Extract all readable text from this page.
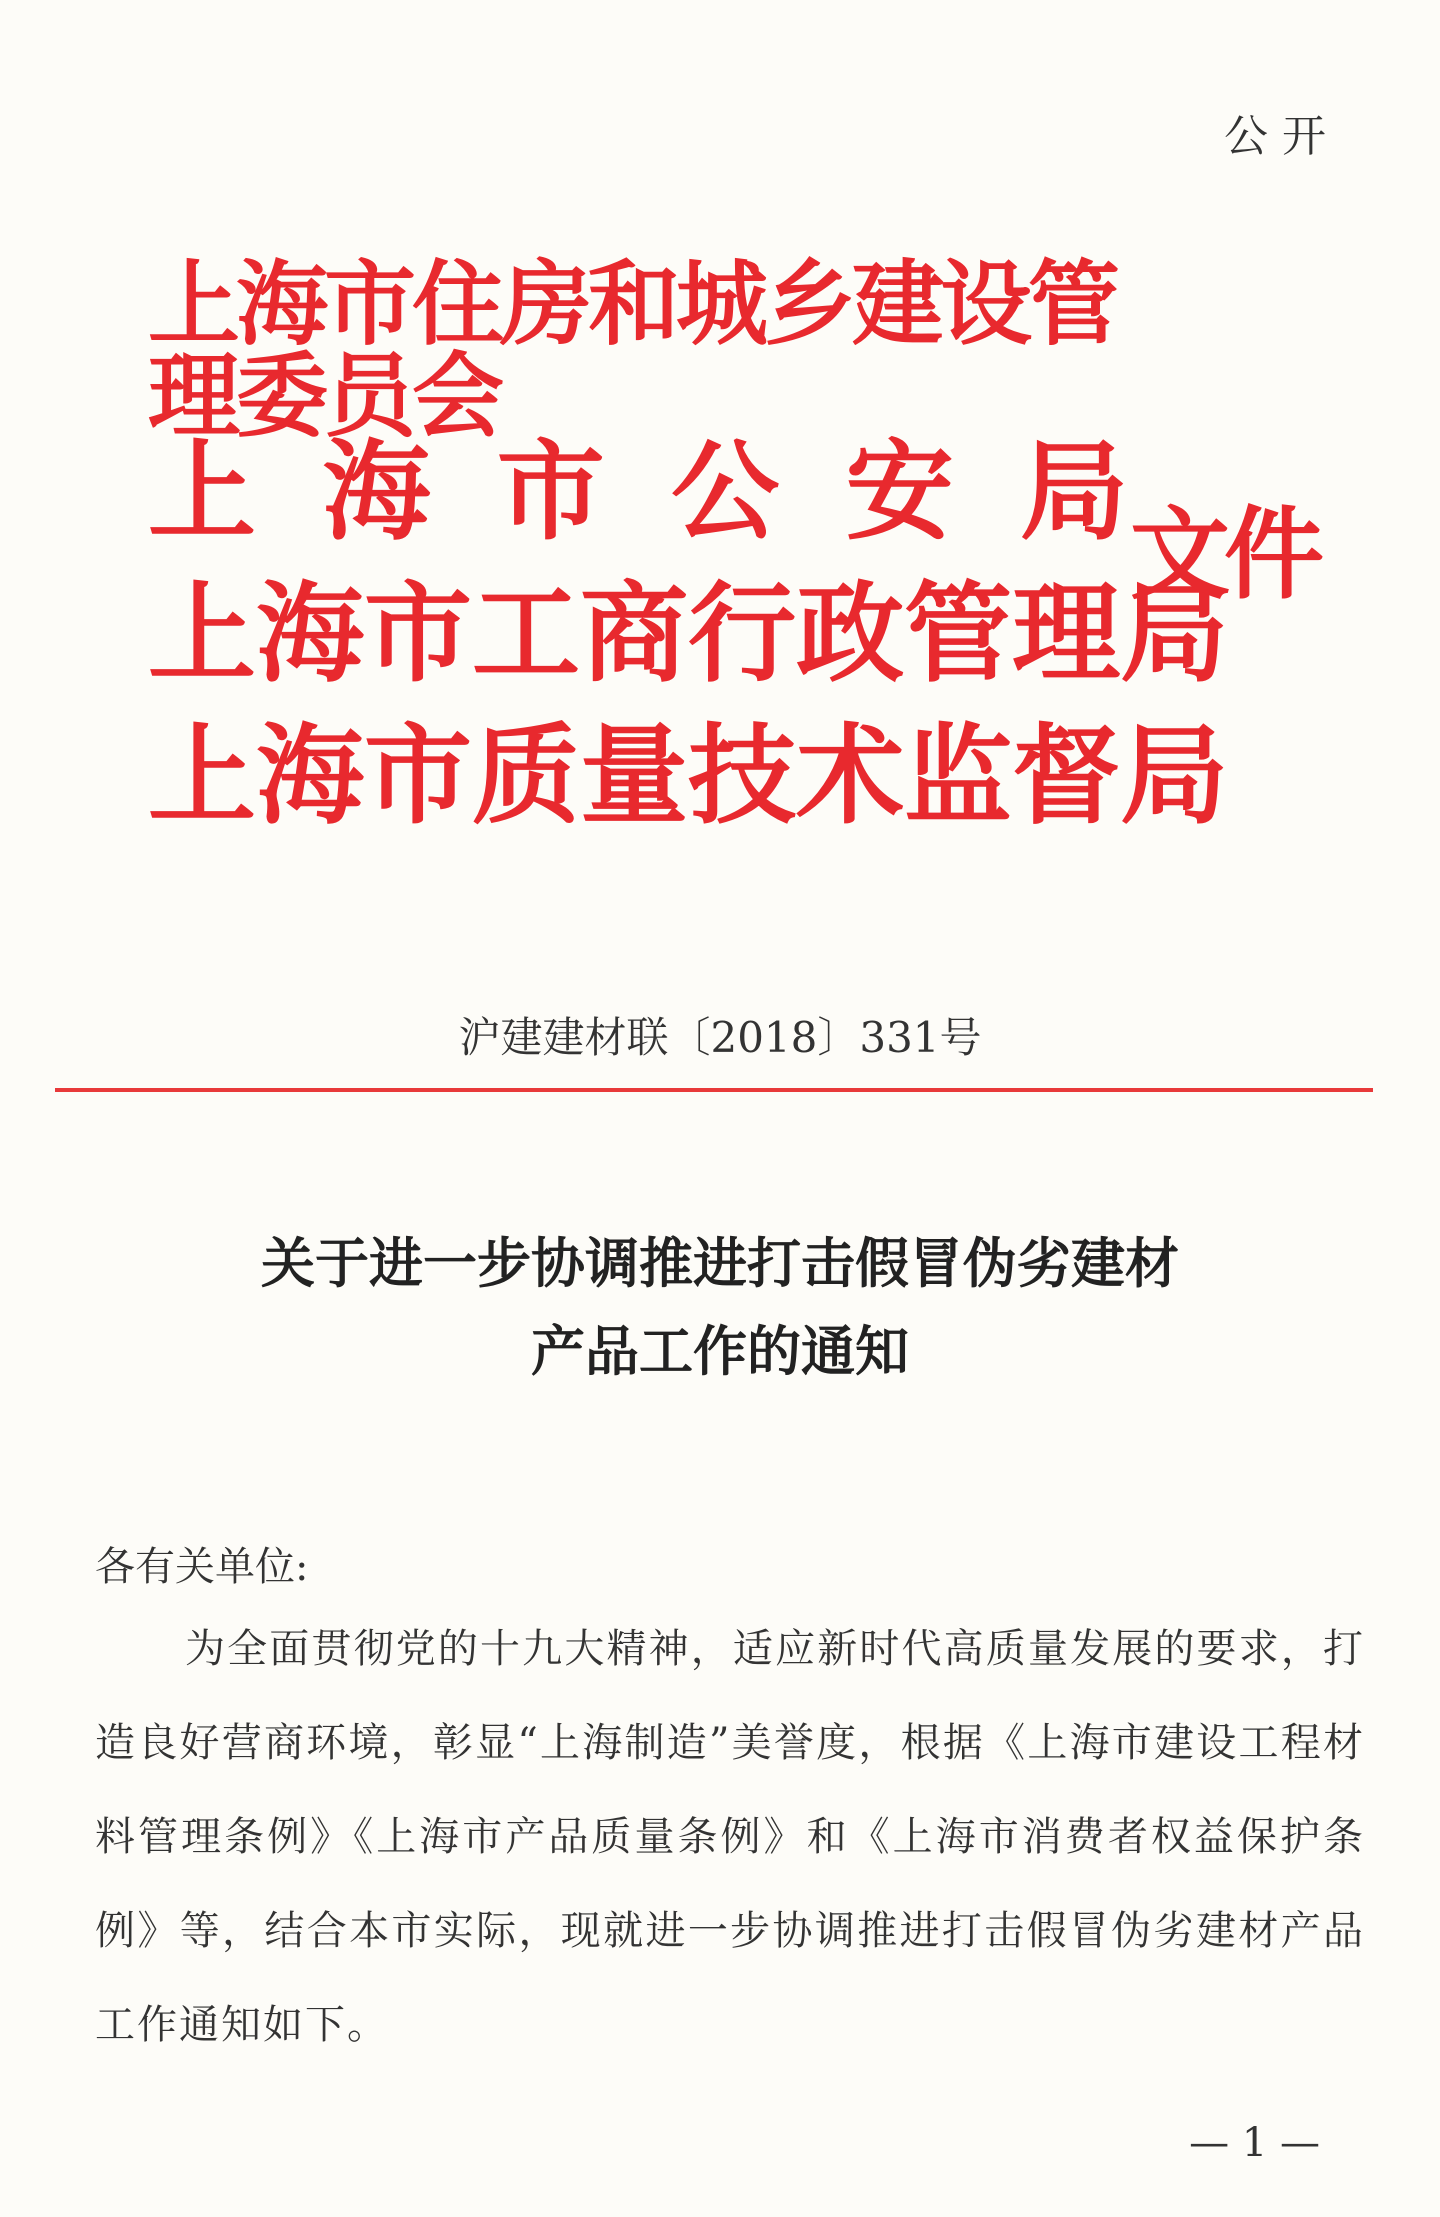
公开
上海市住房和城乡建设管理委员会
上 海 市 公 安 局
上 海 市 工 商 行 政 管 理 局
上 海 市 质 量 技 术 监 督 局
文件
沪建建材联〔2018〕331号
关于进一步协调推进打击假冒伪劣建材
产品工作的通知
各有关单位:
为全面贯彻党的十九大精神，适应新时代高质量发展的要求，打造良好营商环境，彰显“上海制造”美誉度，根据《上海市建设工程材料管理条例》《上海市产品质量条例》和《上海市消费者权益保护条例》等，结合本市实际，现就进一步协调推进打击假冒伪劣建材产品工作通知如下。
— 1 —
